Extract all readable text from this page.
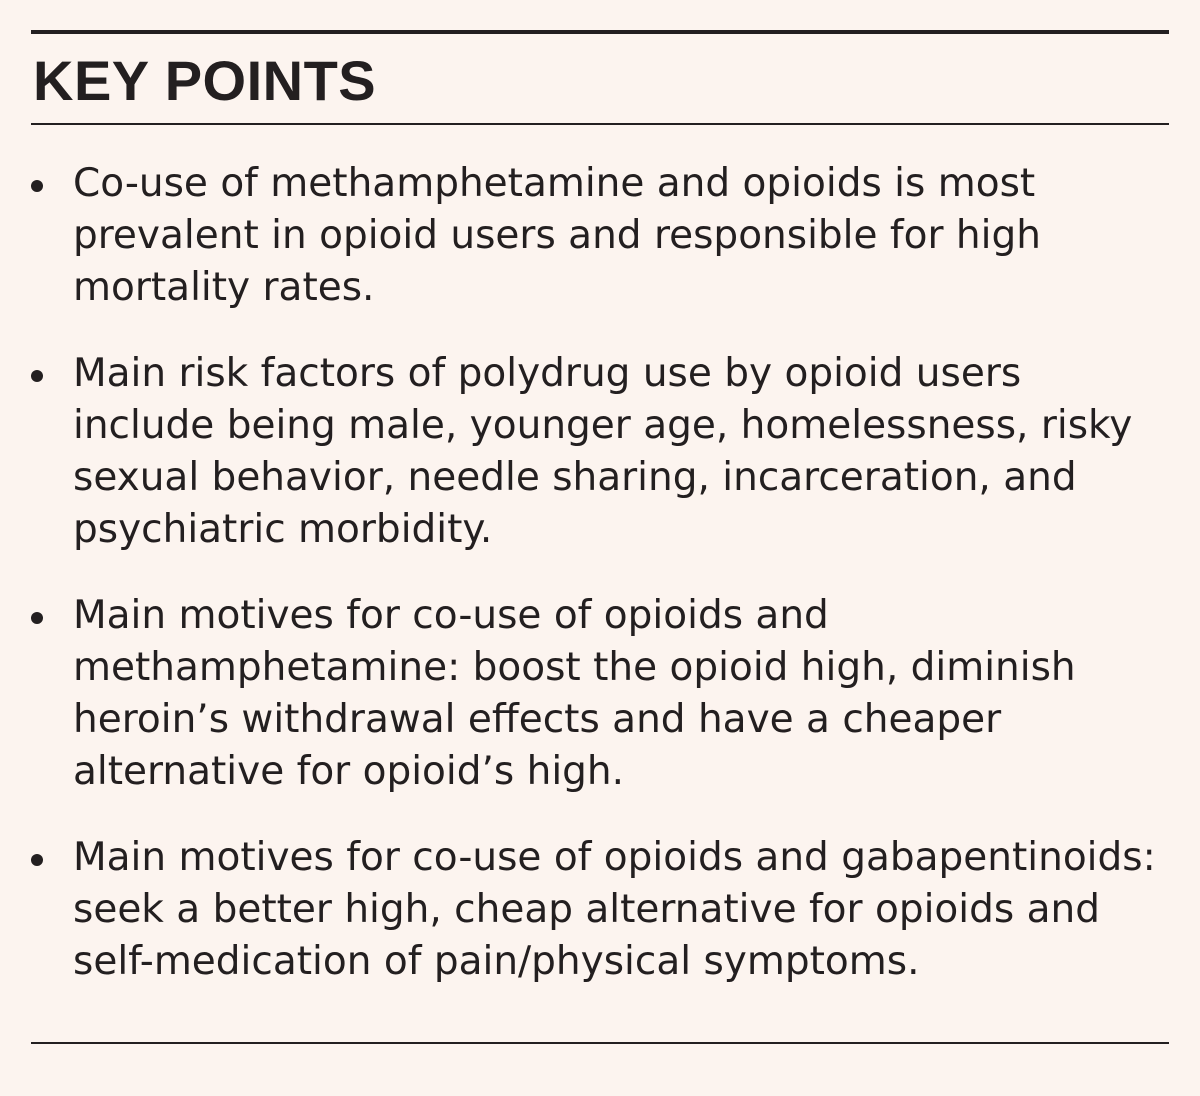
KEY POINTS
Co-use of methamphetamine and opioids is most prevalent in opioid users and responsible for high mortality rates.
Main risk factors of polydrug use by opioid users include being male, younger age, homelessness, risky sexual behavior, needle sharing, incarceration, and psychiatric morbidity.
Main motives for co-use of opioids and methamphetamine: boost the opioid high, diminish heroin’s withdrawal effects and have a cheaper alternative for opioid’s high.
Main motives for co-use of opioids and gabapentinoids: seek a better high, cheap alternative for opioids and self-medication of pain/physical symptoms.
